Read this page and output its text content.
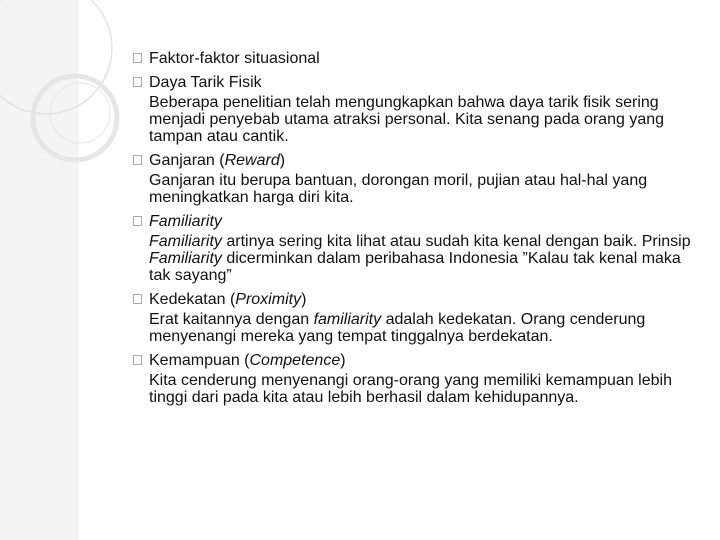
Faktor-faktor situasional
Daya Tarik Fisik
Beberapa penelitian telah mengungkapkan bahwa daya tarik fisik sering menjadi penyebab utama atraksi personal. Kita senang pada orang yang tampan atau cantik.
Ganjaran (Reward)
Ganjaran itu berupa bantuan, dorongan moril, pujian atau hal-hal yang meningkatkan harga diri kita.
Familiarity
Familiarity artinya sering kita lihat atau sudah kita kenal dengan baik. Prinsip Familiarity dicerminkan dalam peribahasa Indonesia ”Kalau tak kenal maka tak sayang”
Kedekatan (Proximity)
Erat kaitannya dengan familiarity adalah kedekatan. Orang cenderung menyenangi mereka yang tempat tinggalnya berdekatan.
Kemampuan (Competence)
Kita cenderung menyenangi orang-orang yang memiliki kemampuan lebih tinggi dari pada kita atau lebih berhasil dalam kehidupannya.
